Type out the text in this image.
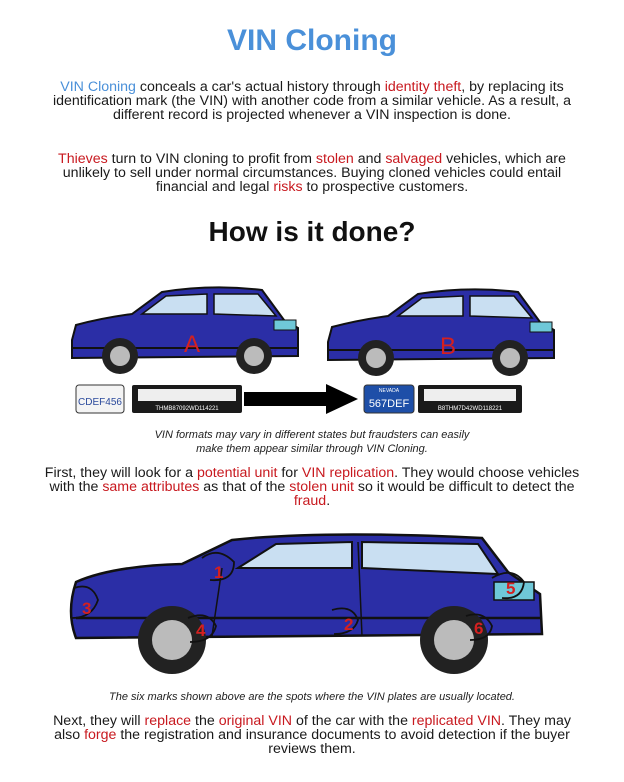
VIN Cloning
VIN Cloning conceals a car's actual history through identity theft, by replacing its identification mark (the VIN) with another code from a similar vehicle. As a result, a different record is projected whenever a VIN inspection is done.
Thieves turn to VIN cloning to profit from stolen and salvaged vehicles, which are unlikely to sell under normal circumstances. Buying cloned vehicles could entail financial and legal risks to prospective customers.
How is it done?
A	B
CDEF456
THMB87092WD114221
NEVADA
567DEF	B8THM7D42WD118221
VIN formats may vary in different states but fraudsters can easily make them appear similar through VIN Cloning.
First, they will look for a potential unit for VIN replication. They would choose vehicles with the same attributes as that of the stolen unit so it would be difficult to detect the fraud.
1
2
3
4
5
6
The six marks shown above are the spots where the VIN plates are usually located.
Next, they will replace the original VIN of the car with the replicated VIN. They may also forge the registration and insurance documents to avoid detection if the buyer reviews them.
